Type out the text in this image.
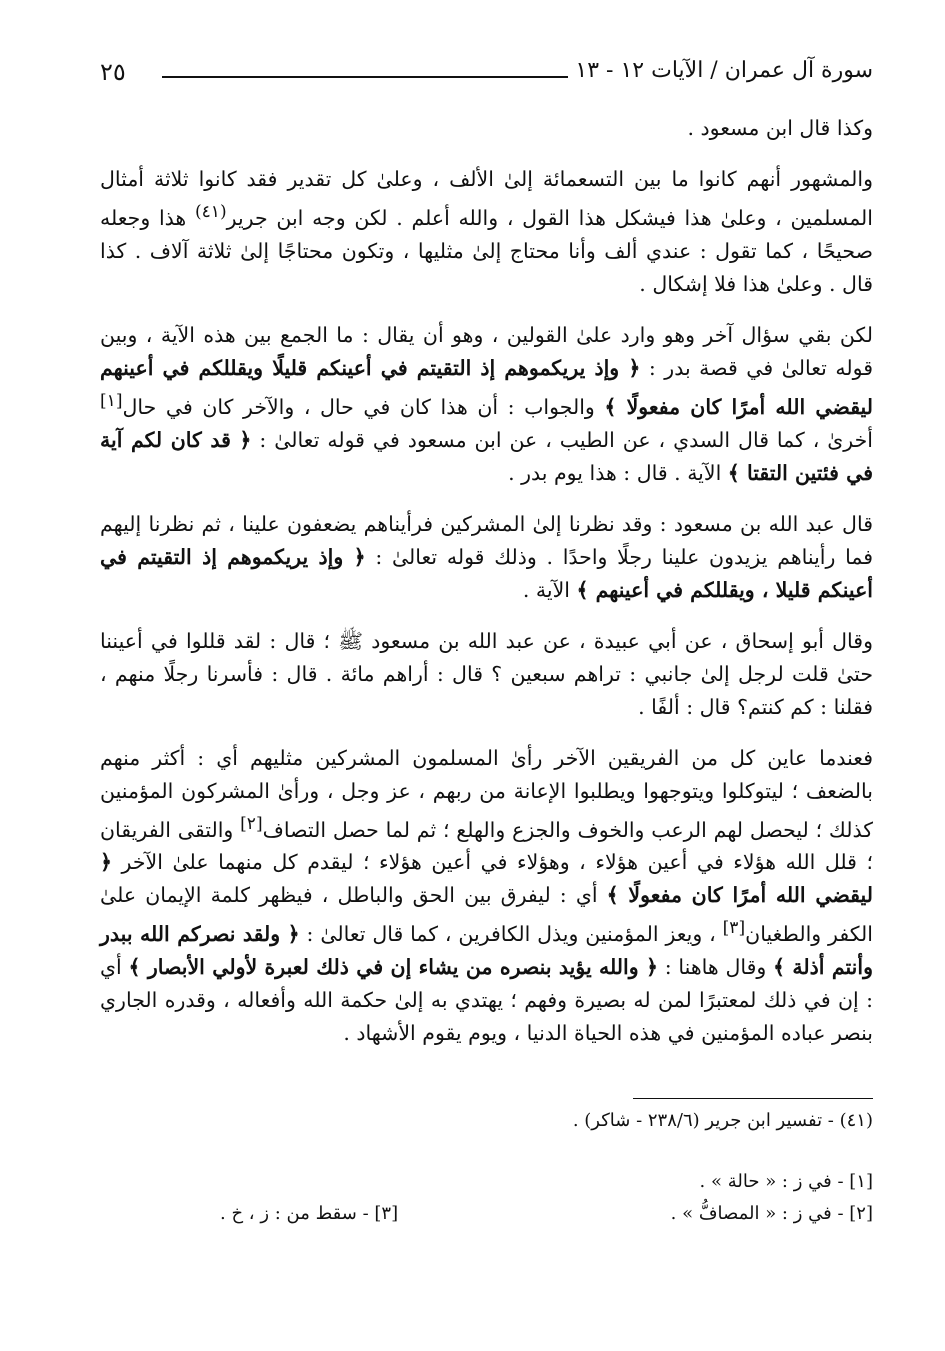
سورة آل عمران / الآيات ١٢ - ١٣
٢٥

وكذا قال ابن مسعود .

والمشهور أنهم كانوا ما بين التسعمائة إلىٰ الألف ، وعلىٰ كل تقدير فقد كانوا ثلاثة أمثال المسلمين ، وعلىٰ هذا فيشكل هذا القول ، والله أعلم . لكن وجه ابن جرير$^{(٤١)}$ هذا وجعله صحيحًا ، كما تقول : عندي ألف وأنا محتاج إلىٰ مثليها ، وتكون محتاجًا إلىٰ ثلاثة آلاف . كذا قال . وعلىٰ هذا فلا إشكال .

لكن بقي سؤال آخر وهو وارد علىٰ القولين ، وهو أن يقال : ما الجمع بين هذه الآية ، وبين قوله تعالىٰ في قصة بدر : ﴿ وإذ يريكموهم إذ التقيتم في أعينكم قليلًا ويقللكم في أعينهم ليقضي الله أمرًا كان مفعولًا ﴾ والجواب : أن هذا كان في حال ، والآخر كان في حال[١] أخرىٰ ، كما قال السدي ، عن الطيب ، عن ابن مسعود في قوله تعالىٰ : ﴿ قد كان لكم آية في فئتين التقتا ﴾ الآية . قال : هذا يوم بدر .

قال عبد الله بن مسعود : وقد نظرنا إلىٰ المشركين فرأيناهم يضعفون علينا ، ثم نظرنا إليهم فما رأيناهم يزيدون علينا رجلًا واحدًا . وذلك قوله تعالىٰ : ﴿ وإذ يريكموهم إذ التقيتم في أعينكم قليلا ، ويقللكم في أعينهم ﴾ الآية .

وقال أبو إسحاق ، عن أبي عبيدة ، عن عبد الله بن مسعود ﷺ ؛ قال : لقد قللوا في أعيننا حتىٰ قلت لرجل إلىٰ جانبي : تراهم سبعين ؟ قال : أراهم مائة . قال : فأسرنا رجلًا منهم ، فقلنا : كم كنتم؟ قال : ألفًا .

فعندما عاين كل من الفريقين الآخر رأىٰ المسلمون المشركين مثليهم أي : أكثر منهم بالضعف ؛ ليتوكلوا ويتوجهوا ويطلبوا الإعانة من ربهم ، عز وجل ، ورأىٰ المشركون المؤمنين كذلك ؛ ليحصل لهم الرعب والخوف والجزع والهلع ؛ ثم لما حصل التصاف[٢] والتقى الفريقان ؛ قلل الله هؤلاء في أعين هؤلاء ، وهؤلاء في أعين هؤلاء ؛ ليقدم كل منهما علىٰ الآخر ﴿ ليقضي الله أمرًا كان مفعولًا ﴾ أي : ليفرق بين الحق والباطل ، فيظهر كلمة الإيمان علىٰ الكفر والطغيان[٣] ، ويعز المؤمنين ويذل الكافرين ، كما قال تعالىٰ : ﴿ ولقد نصركم الله ببدر وأنتم أذلة ﴾ وقال هاهنا : ﴿ والله يؤيد بنصره من يشاء إن في ذلك لعبرة لأولي الأبصار ﴾ أي : إن في ذلك لمعتبرًا لمن له بصيرة وفهم ؛ يهتدي به إلىٰ حكمة الله وأفعاله ، وقدره الجاري بنصر عباده المؤمنين في هذه الحياة الدنيا ، ويوم يقوم الأشهاد .

(٤١) - تفسير ابن جرير (٢٣٨/٦ - شاكر) .
[١] - في ز : « حالة » .
[٢] - في ز : « المصافُّ » .
[٣] - سقط من : ز ، خ .
